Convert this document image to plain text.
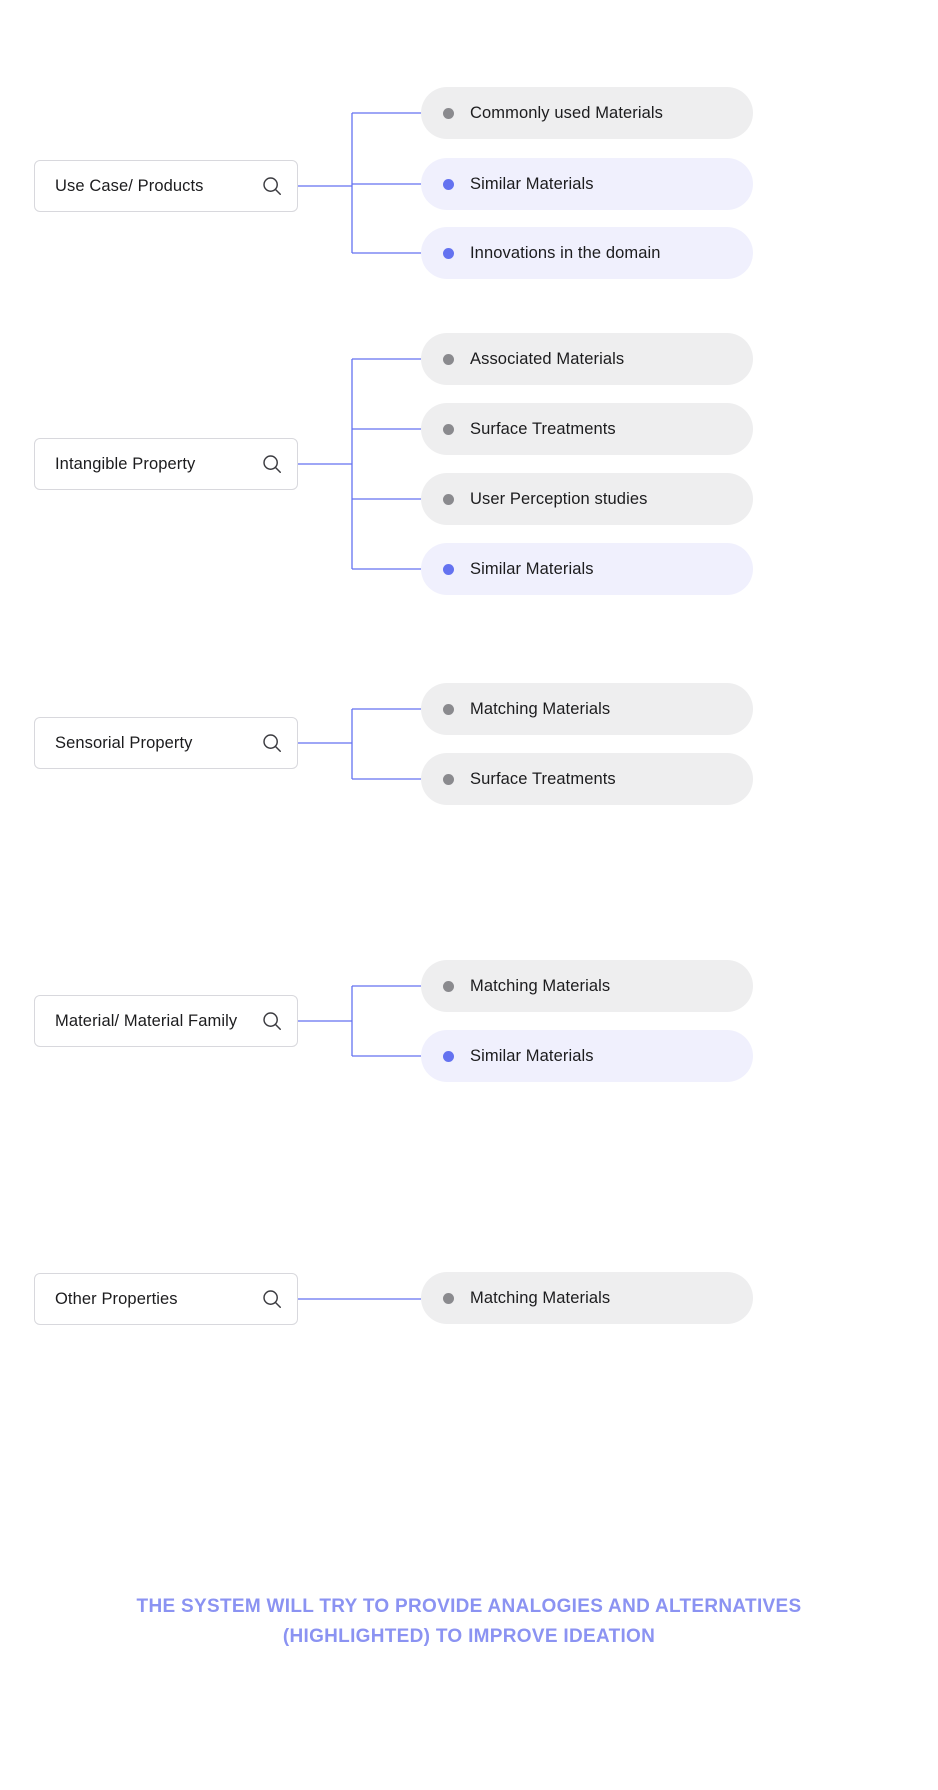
Use Case/ Products
Commonly used Materials
Similar Materials
Innovations in the domain
Intangible Property
Associated Materials
Surface Treatments
User Perception studies
Similar Materials
Sensorial Property
Matching Materials
Surface Treatments
Material/ Material Family
Matching Materials
Similar Materials
Other Properties	Matching Materials
THE SYSTEM WILL TRY TO PROVIDE ANALOGIES AND ALTERNATIVES
(HIGHLIGHTED) TO IMPROVE IDEATION
